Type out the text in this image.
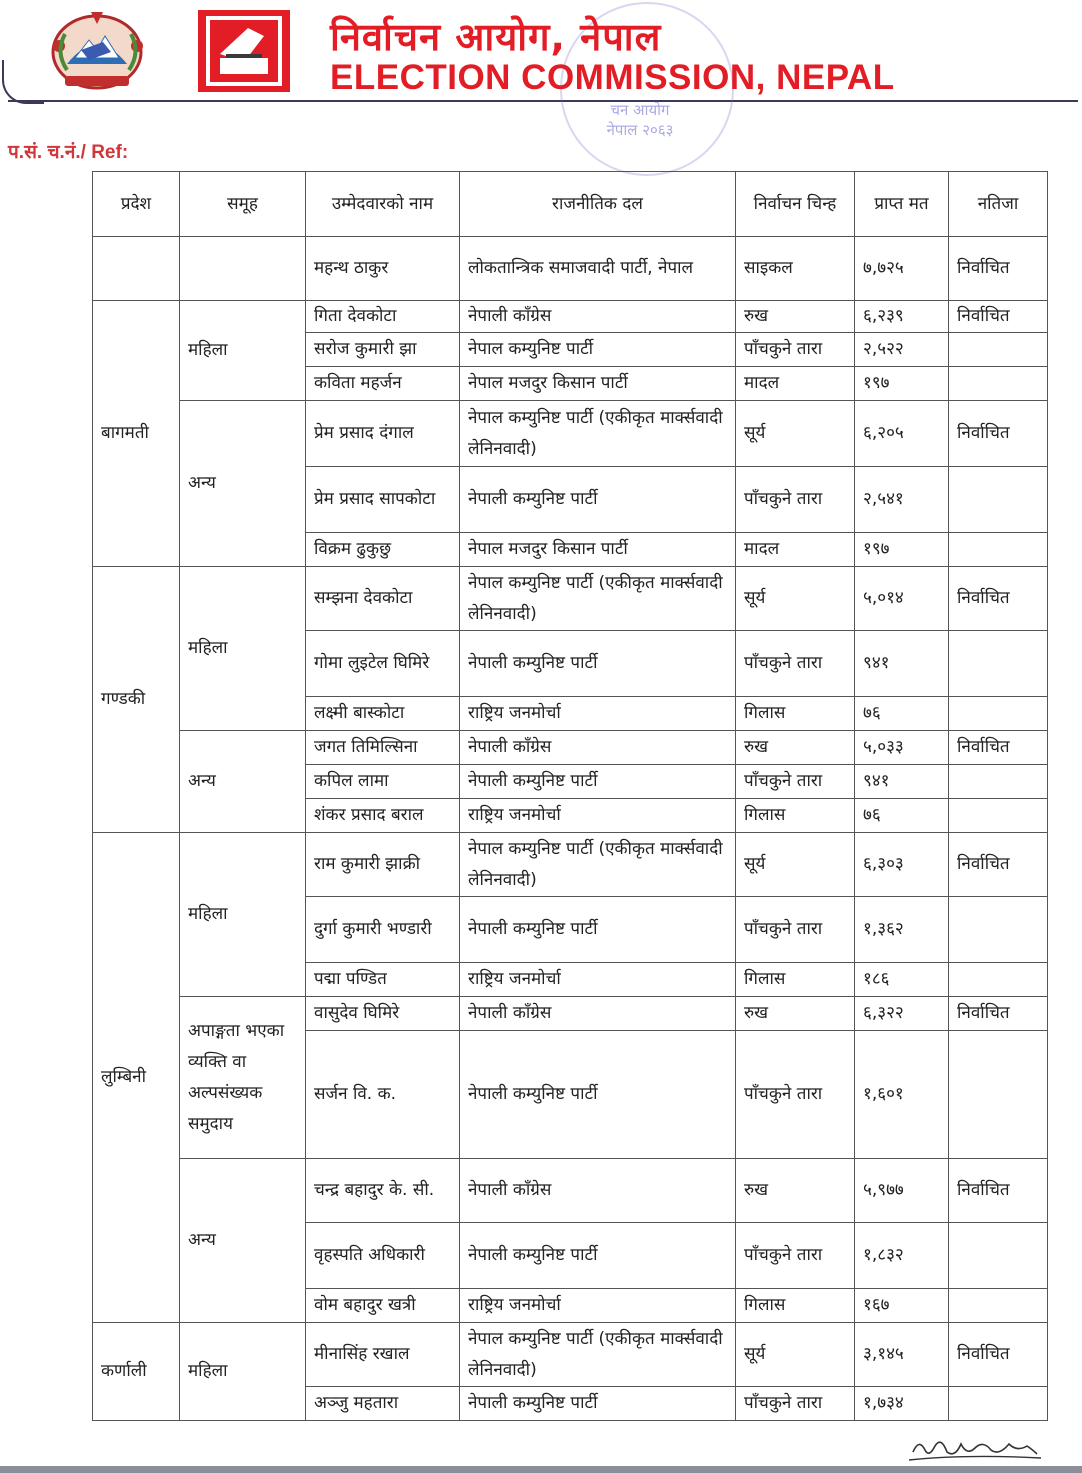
चन आयोग नेपाल २०६३
निर्वाचन आयोग, नेपाल
ELECTION COMMISSION, NEPAL
प.सं. च.नं./ Ref:
प्रदेश	समूह	उम्मेदवारको नाम	राजनीतिक दल	निर्वाचन चिन्ह	प्राप्त मत	नतिजा
		महन्थ ठाकुर	लोकतान्त्रिक समाजवादी पार्टी, नेपाल	साइकल	७,७२५	निर्वाचित
बागमती	महिला	गिता देवकोटा	नेपाली काँग्रेस	रुख	६,२३९	निर्वाचित
		सरोज कुमारी झा	नेपाल कम्युनिष्ट पार्टी	पाँचकुने तारा	२,५२२	
		कविता महर्जन	नेपाल मजदुर किसान पार्टी	मादल	१९७	
	अन्य	प्रेम प्रसाद दंगाल	नेपाल कम्युनिष्ट पार्टी (एकीकृत मार्क्सवादी लेनिनवादी)	सूर्य	६,२०५	निर्वाचित
		प्रेम प्रसाद सापकोटा	नेपाली कम्युनिष्ट पार्टी	पाँचकुने तारा	२,५४१	
		विक्रम ढुकुछु	नेपाल मजदुर किसान पार्टी	मादल	१९७	
गण्डकी	महिला	सम्झना देवकोटा	नेपाल कम्युनिष्ट पार्टी (एकीकृत मार्क्सवादी लेनिनवादी)	सूर्य	५,०१४	निर्वाचित
		गोमा लुइटेल घिमिरे	नेपाली कम्युनिष्ट पार्टी	पाँचकुने तारा	९४१	
		लक्ष्मी बास्कोटा	राष्ट्रिय जनमोर्चा	गिलास	७६	
	अन्य	जगत तिमिल्सिना	नेपाली काँग्रेस	रुख	५,०३३	निर्वाचित
		कपिल लामा	नेपाली कम्युनिष्ट पार्टी	पाँचकुने तारा	९४१	
		शंकर प्रसाद बराल	राष्ट्रिय जनमोर्चा	गिलास	७६	
लुम्बिनी	महिला	राम कुमारी झाक्री	नेपाल कम्युनिष्ट पार्टी (एकीकृत मार्क्सवादी लेनिनवादी)	सूर्य	६,३०३	निर्वाचित
		दुर्गा कुमारी भण्डारी	नेपाली कम्युनिष्ट पार्टी	पाँचकुने तारा	१,३६२	
		पद्मा पण्डित	राष्ट्रिय जनमोर्चा	गिलास	१८६	
	अपाङ्गता भएका व्यक्ति वा अल्पसंख्यक समुदाय	वासुदेव घिमिरे	नेपाली काँग्रेस	रुख	६,३२२	निर्वाचित
		सर्जन वि. क.	नेपाली कम्युनिष्ट पार्टी	पाँचकुने तारा	१,६०१	
	अन्य	चन्द्र बहादुर के. सी.	नेपाली काँग्रेस	रुख	५,९७७	निर्वाचित
		वृहस्पति अधिकारी	नेपाली कम्युनिष्ट पार्टी	पाँचकुने तारा	१,८३२	
		वोम बहादुर खत्री	राष्ट्रिय जनमोर्चा	गिलास	१६७	
कर्णाली	महिला	मीनासिंह रखाल	नेपाल कम्युनिष्ट पार्टी (एकीकृत मार्क्सवादी लेनिनवादी)	सूर्य	३,१४५	निर्वाचित
		अञ्जु महतारा	नेपाली कम्युनिष्ट पार्टी	पाँचकुने तारा	१,७३४	
